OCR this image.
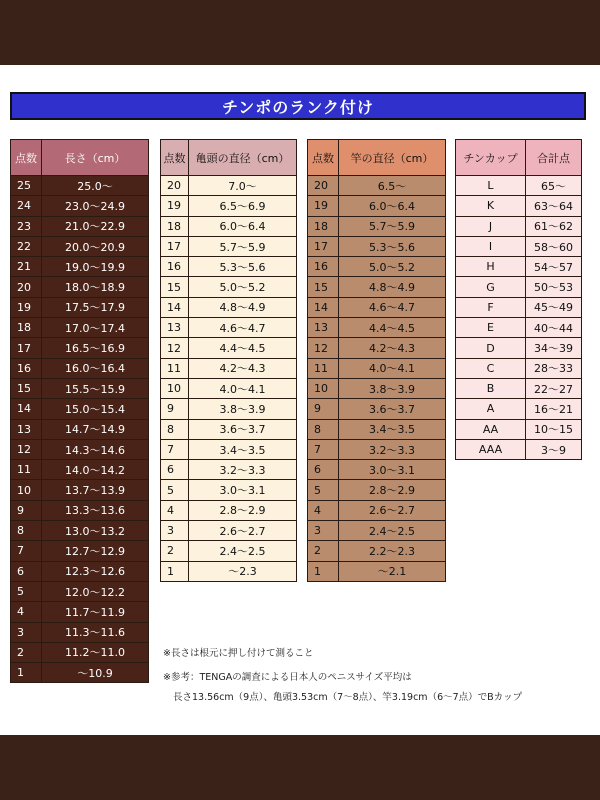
チンポのランク付け
点数	長さ（cm）
25	25.0〜
24	23.0〜24.9
23	21.0〜22.9
22	20.0〜20.9
21	19.0〜19.9
20	18.0〜18.9
19	17.5〜17.9
18	17.0〜17.4
17	16.5〜16.9
16	16.0〜16.4
15	15.5〜15.9
14	15.0〜15.4
13	14.7〜14.9
12	14.3〜14.6
11	14.0〜14.2
10	13.7〜13.9
9	13.3〜13.6
8	13.0〜13.2
7	12.7〜12.9
6	12.3〜12.6
5	12.0〜12.2
4	11.7〜11.9
3	11.3〜11.6
2	11.2〜11.0
1	〜10.9
点数	亀頭の直径（cm）
20	7.0〜
19	6.5〜6.9
18	6.0〜6.4
17	5.7〜5.9
16	5.3〜5.6
15	5.0〜5.2
14	4.8〜4.9
13	4.6〜4.7
12	4.4〜4.5
11	4.2〜4.3
10	4.0〜4.1
9	3.8〜3.9
8	3.6〜3.7
7	3.4〜3.5
6	3.2〜3.3
5	3.0〜3.1
4	2.8〜2.9
3	2.6〜2.7
2	2.4〜2.5
1	〜2.3
点数	竿の直径（cm）
20	6.5〜
19	6.0〜6.4
18	5.7〜5.9
17	5.3〜5.6
16	5.0〜5.2
15	4.8〜4.9
14	4.6〜4.7
13	4.4〜4.5
12	4.2〜4.3
11	4.0〜4.1
10	3.8〜3.9
9	3.6〜3.7
8	3.4〜3.5
7	3.2〜3.3
6	3.0〜3.1
5	2.8〜2.9
4	2.6〜2.7
3	2.4〜2.5
2	2.2〜2.3
1	〜2.1
チンカップ	合計点
L	65〜
K	63〜64
J	61〜62
I	58〜60
H	54〜57
G	50〜53
F	45〜49
E	40〜44
D	34〜39
C	28〜33
B	22〜27
A	16〜21
AA	10〜15
AAA	3〜9
※長さは根元に押し付けて測ること
※参考：TENGAの調査による日本人のペニスサイズ平均は
長さ13.56cm（9点）、亀頭3.53cm（7〜8点）、竿3.19cm（6〜7点）でBカップ
